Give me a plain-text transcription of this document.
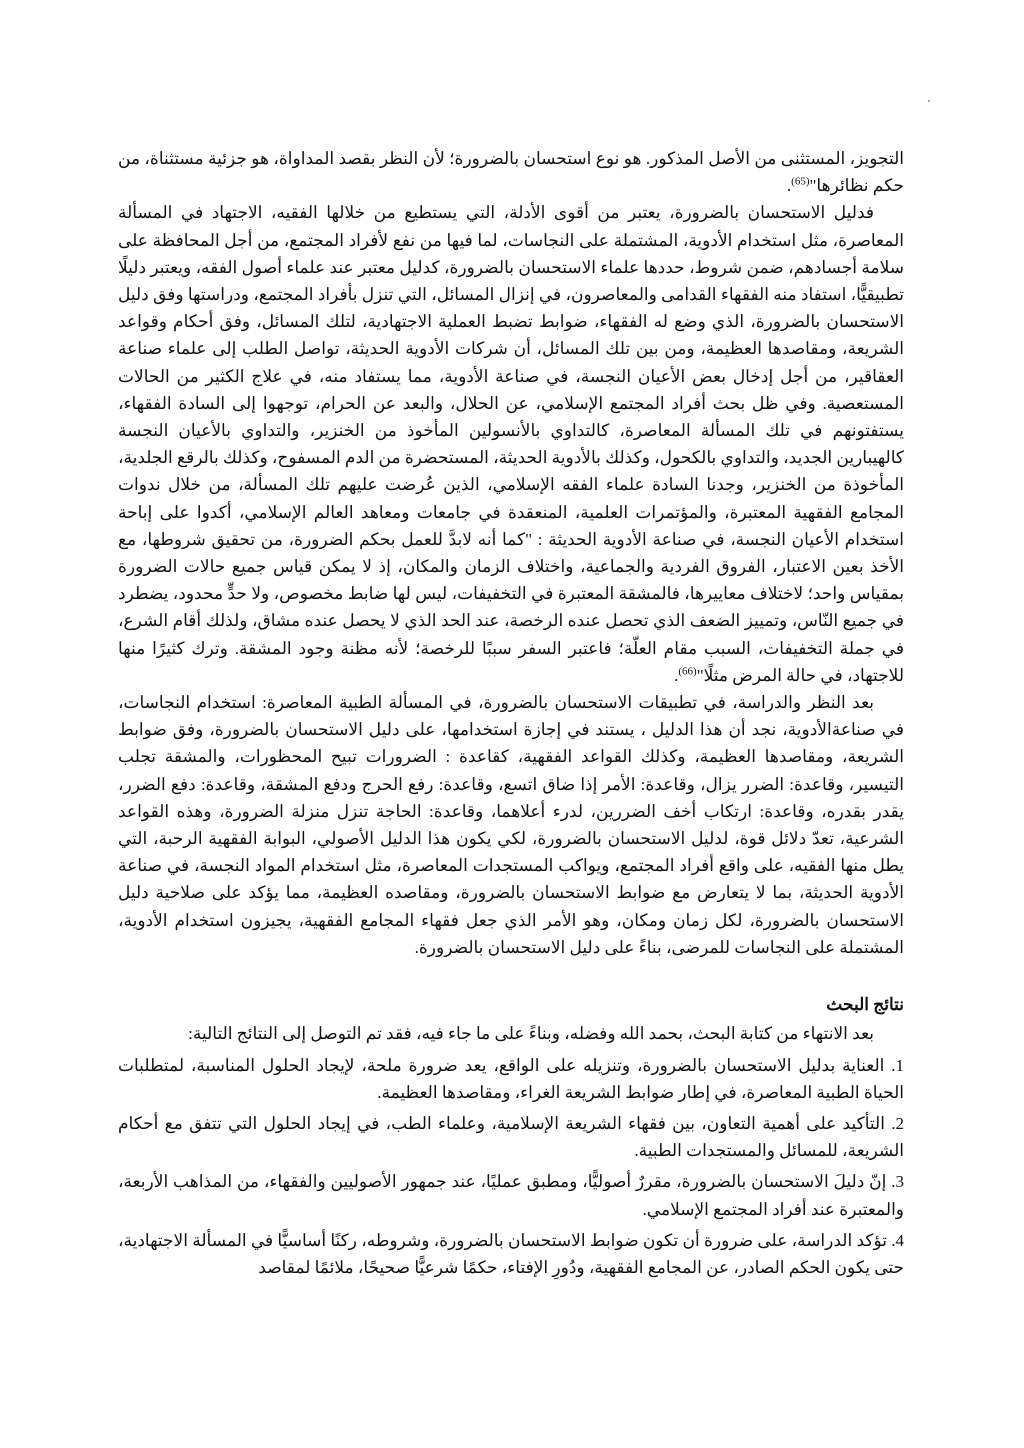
التجويز، المستثنى من الأصل المذكور. هو نوع استحسان بالضرورة؛ لأن النظر بقصد المداواة، هو جزئية مستثناة، من حكم نظائرها"$^{(65)}$.

فدليل الاستحسان بالضرورة، يعتبر من أقوى الأدلة، التي يستطيع من خلالها الفقيه، الاجتهاد في المسألة المعاصرة، مثل استخدام الأدوية، المشتملة على النجاسات، لما فيها من نفع لأفراد المجتمع، من أجل المحافظة على سلامة أجسادهم، ضمن شروط، حددها علماء الاستحسان بالضرورة، كدليل معتبر عند علماء أصول الفقه، ويعتبر دليلًا تطبيقيًّا، استفاد منه الفقهاء القدامى والمعاصرون، في إنزال المسائل، التي تنزل بأفراد المجتمع، ودراستها وفق دليل الاستحسان بالضرورة، الذي وضع له الفقهاء، ضوابط تضبط العملية الاجتهادية، لتلك المسائل، وفق أحكام وقواعد الشريعة، ومقاصدها العظيمة، ومن بين تلك المسائل، أن شركات الأدوية الحديثة، تواصل الطلب إلى علماء صناعة العقاقير، من أجل إدخال بعض الأعيان النجسة، في صناعة الأدوية، مما يستفاد منه، في علاج الكثير من الحالات المستعصية. وفي ظل بحث أفراد المجتمع الإسلامي، عن الحلال، والبعد عن الحرام، توجهوا إلى السادة الفقهاء، يستفتونهم في تلك المسألة المعاصرة، كالتداوي بالأنسولين المأخوذ من الخنزير، والتداوي بالأعيان النجسة كالهيبارين الجديد، والتداوي بالكحول، وكذلك بالأدوية الحديثة، المستحضرة من الدم المسفوح، وكذلك بالرقع الجلدية، المأخوذة من الخنزير، وجدنا السادة علماء الفقه الإسلامي، الذين عُرضت عليهم تلك المسألة، من خلال ندوات المجامع الفقهية المعتبرة، والمؤتمرات العلمية، المنعقدة في جامعات ومعاهد العالم الإسلامي، أكدوا على إباحة استخدام الأعيان النجسة، في صناعة الأدوية الحديثة : "كما أنه لابدَّ للعمل بحكم الضرورة، من تحقيق شروطها، مع الأخذ بعين الاعتبار، الفروق الفردية والجماعية، واختلاف الزمان والمكان، إذ لا يمكن قياس جميع حالات الضرورة بمقياس واحد؛ لاختلاف معاييرها، فالمشقة المعتبرة في التخفيفات، ليس لها ضابط مخصوص، ولا حدٍّ محدود، يضطرد في جميع النّاس، وتمييز الضعف الذي تحصل عنده الرخصة، عند الحد الذي لا يحصل عنده مشاق، ولذلك أقام الشرع، في جملة التخفيفات، السبب مقام العلّة؛ فاعتبر السفر سببًا للرخصة؛ لأنه مظنة وجود المشقة. وترك كثيرًا منها للاجتهاد، في حالة المرض مثلًا"$^{(66)}$.

بعد النظر والدراسة، في تطبيقات الاستحسان بالضرورة، في المسألة الطبية المعاصرة: استخدام النجاسات، في صناعةالأدوية، نجد أن هذا الدليل ، يستند في إجازة استخدامها، على دليل الاستحسان بالضرورة، وفق ضوابط الشريعة، ومقاصدها العظيمة، وكذلك القواعد الفقهية، كقاعدة : الضرورات تبيح المحظورات، والمشقة تجلب التيسير، وقاعدة: الضرر يزال، وقاعدة: الأمر إذا ضاق اتسع، وقاعدة: رفع الحرج ودفع المشقة، وقاعدة: دفع الضرر، يقدر بقدره، وقاعدة: ارتكاب أخف الضررين، لدرء أعلاهما، وقاعدة: الحاجة تنزل منزلة الضرورة، وهذه القواعد الشرعية، تعدّ دلائل قوة، لدليل الاستحسان بالضرورة، لكي يكون هذا الدليل الأصولي، البوابة الفقهية الرحبة، التي يطل منها الفقيه، على واقع أفراد المجتمع، ويواكب المستجدات المعاصرة، مثل استخدام المواد النجسة، في صناعة الأدوية الحديثة، بما لا يتعارض مع ضوابط الاستحسان بالضرورة، ومقاصده العظيمة، مما يؤكد على صلاحية دليل الاستحسان بالضرورة، لكل زمان ومكان، وهو الأمر الذي جعل فقهاء المجامع الفقهية، يجيزون استخدام الأدوية، المشتملة على النجاسات للمرضى، بناءً على دليل الاستحسان بالضرورة.

نتائج البحث

بعد الانتهاء من كتابة البحث، بحمد الله وفضله، وبناءً على ما جاء فيه، فقد تم التوصل إلى النتائج التالية:

1. العناية بدليل الاستحسان بالضرورة، وتنزيله على الواقع، يعد ضرورة ملحة، لإيجاد الحلول المناسبة، لمتطلبات الحياة الطبية المعاصرة، في إطار ضوابط الشريعة الغراء، ومقاصدها العظيمة.

2. التأكيد على أهمية التعاون، بين فقهاء الشريعة الإسلامية، وعلماء الطب، في إيجاد الحلول التي تتفق مع أحكام الشريعة، للمسائل والمستجدات الطبية.

3. إنّ دليلَ الاستحسان بالضرورة، مقررٌ أصوليًّا، ومطبق عمليًا، عند جمهور الأصوليين والفقهاء، من المذاهب الأربعة، والمعتبرة عند أفراد المجتمع الإسلامي.

4. تؤكد الدراسة، على ضرورة أن تكون ضوابط الاستحسان بالضرورة، وشروطه، ركنًا أساسيًّا في المسألة الاجتهادية، حتى يكون الحكم الصادر، عن المجامع الفقهية، ودُورِ الإفتاء، حكمًا شرعيًّا صحيحًا، ملائمًا لمقاصد
